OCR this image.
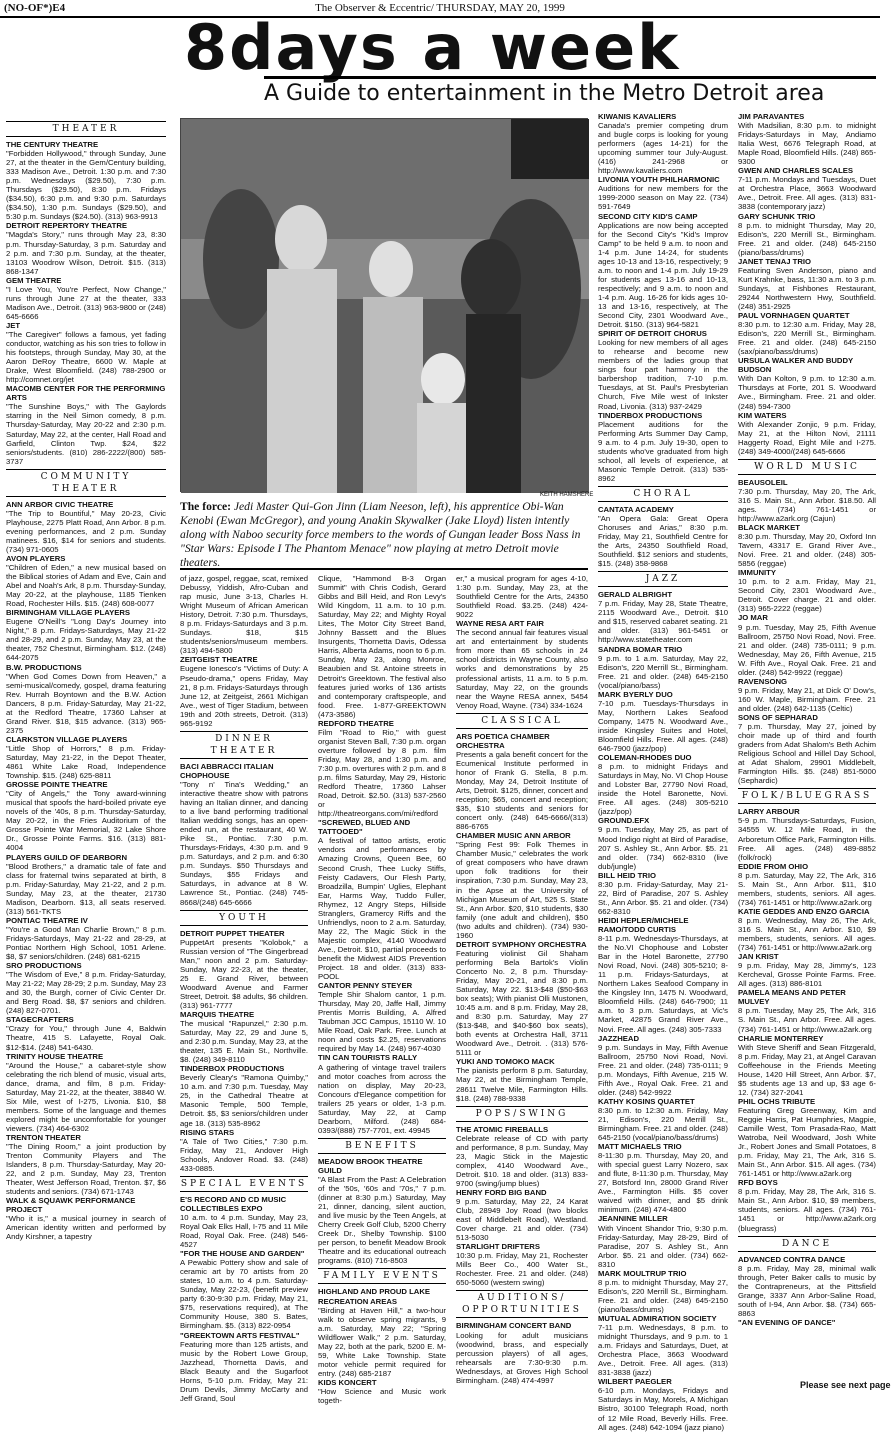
(NO-OF*)E4	The Observer & Eccentric/ THURSDAY, MAY 20, 1999
8days a week
A Guide to entertainment in the Metro Detroit area
THEATER
THE CENTURY THEATRE
"Forbidden Hollywood," through Sunday, June 27, at the theater in the Gem/Century building, 333 Madison Ave., Detroit. 1:30 p.m. and 7:30 p.m. Wednesdays ($29.50), 7:30 p.m. Thursdays ($29.50), 8:30 p.m. Fridays ($34.50), 6:30 p.m. and 9:30 p.m. Saturdays ($34.50), 1:30 p.m. Sundays ($29.50), and 5:30 p.m. Sundays ($24.50). (313) 963-9913
DETROIT REPERTORY THEATRE
"Magda's Story," runs through May 23, 8:30 p.m. Thursday-Saturday, 3 p.m. Saturday and 2 p.m. and 7:30 p.m. Sunday, at the theater, 13103 Woodrow Wilson, Detroit. $15. (313) 868-1347
GEM THEATRE
"I Love You, You're Perfect, Now Change," runs through June 27 at the theater, 333 Madison Ave., Detroit. (313) 963-9800 or (248) 645-6666
JET
"The Caregiver" follows a famous, yet fading conductor, watching as his son tries to follow in his footsteps, through Sunday, May 30, at the Aaron DeRoy Theatre, 6600 W. Maple at Drake, West Bloomfield. (248) 788-2900 or http://comnet.org/jet
MACOMB CENTER FOR THE PERFORMING ARTS
"The Sunshine Boys," with The Gaylords starring in the Neil Simon comedy, 8 p.m. Thursday-Saturday, May 20-22 and 2:30 p.m. Saturday, May 22, at the center, Hall Road and Garfield, Clinton Twp. $24, $22 seniors/students. (810) 286-2222/(800) 585-3737
COMMUNITY THEATER
ANN ARBOR CIVIC THEATRE
"The Trip to Bountiful," May 20-23, Civic Playhouse, 2275 Platt Road, Ann Arbor. 8 p.m. evening performances, and 2 p.m. Sunday matinees. $16, $14 for seniors and students. (734) 971-0605
AVON PLAYERS
"Children of Eden," a new musical based on the Biblical stories of Adam and Eve, Cain and Abel and Noah's Ark, 8 p.m. Thursday-Sunday, May 20-22, at the playhouse, 1185 Tienken Road, Rochester Hills. $15. (248) 608-0077
BIRMINGHAM VILLAGE PLAYERS
Eugene O'Neill's "Long Day's Journey into Night," 8 p.m. Fridays-Saturdays, May 21-22 and 28-29, and 2 p.m. Sunday, May 23, at the theater, 752 Chestnut, Birmingham. $12. (248) 644-2075
B.W. PRODUCTIONS
"When God Comes Down from Heaven," a semi-musical/comedy, gospel, drama featuring Rev. Hurrah Boyntown and the B.W. Action Dancers, 8 p.m. Friday-Saturday, May 21-22, at the Redford Theatre, 17360 Lahser at Grand River. $18, $15 advance. (313) 965-2375
CLARKSTON VILLAGE PLAYERS
"Little Shop of Horrors," 8 p.m. Friday-Saturday, May 21-22, in the Depot Theater, 4861 White Lake Road, Independence Township. $15. (248) 625-8811
GROSSE POINTE THEATRE
"City of Angels," the Tony award-winning musical that spoofs the hard-boiled private eye novels of the '40s, 8 p.m. Thursday-Saturday, May 20-22, in the Fries Auditorium of the Grosse Pointe War Memorial, 32 Lake Shore Dr., Grosse Pointe Farms. $16. (313) 881-4004
PLAYERS GUILD OF DEARBORN
"Blood Brothers," a dramatic tale of fate and class for fraternal twins separated at birth, 8 p.m. Friday-Saturday, May 21-22, and 2 p.m. Sunday, May 23, at the theater, 21730 Madison, Dearborn. $13, all seats reserved. (313) 561-TKTS
PONTIAC THEATRE IV
"You're a Good Man Charlie Brown," 8 p.m. Fridays-Saturdays, May 21-22 and 28-29, at Pontiac Northern High School, 1051 Arlene. $8, $7 seniors/children. (248) 681-6215
SRO PRODUCTIONS
"The Wisdom of Eve," 8 p.m. Friday-Saturday, May 21-22; May 28-29; 2 p.m. Sunday, May 23 and 30, the Burgh, corner of Civic Center Dr. and Berg Road. $8, $7 seniors and children. (248) 827-0701.
STAGECRAFTERS
"Crazy for You," through June 4, Baldwin Theatre, 415 S. Lafayette, Royal Oak. $12-$14. (248) 541-6430.
TRINITY HOUSE THEATRE
"Around the House," a cabaret-style show celebrating the rich blend of music, visual arts, dance, drama, and film, 8 p.m. Friday-Saturday, May 21-22, at the theater, 38840 W. Six Mile, west of I-275, Livonia. $10, $8 members. Some of the language and themes explored might be uncomfortable for younger viewers. (734) 464-6302
TRENTON THEATER
"The Dining Room," a joint production by Trenton Community Players and The Islanders, 8 p.m. Thursday-Saturday, May 20-22, and 2 p.m. Sunday, May 23, Trenton Theater, West Jefferson Road, Trenton. $7, $6 students and seniors. (734) 671-1743
WALK & SQUAWK PERFORMANCE PROJECT
"Who it is," a musical journey in search of American identity written and performed by Andy Kirshner, a tapestry
KEITH HAMSHERE
The force: Jedi Master Qui-Gon Jinn (Liam Neeson, left), his apprentice Obi-Wan Kenobi (Ewan McGregor), and young Anakin Skywalker (Jake Lloyd) listen intently along with Naboo security force members to the words of Gungan leader Boss Nass in "Star Wars: Episode I The Phantom Menace" now playing at metro Detroit movie theaters.
of jazz, gospel, reggae, scat, remixed Debussy, Yiddish, Afro-Cuban and rap music, June 3-13, Charles H. Wright Museum of African American History, Detroit. 7:30 p.m. Thursdays, 8 p.m. Fridays-Saturdays and 3 p.m. Sundays. $18, $15 students/seniors/museum members. (313) 494-5800
ZEITGEIST THEATRE
Eugene Ionesco's "Victims of Duty: A Pseudo-drama," opens Friday, May 21, 8 p.m. Fridays-Saturdays through June 12, at Zeitgeist, 2661 Michigan Ave., west of Tiger Stadium, between 19th and 20th streets, Detroit. (313) 965-9192
DINNER THEATER
BACI ABBRACCI ITALIAN CHOPHOUSE
"Tony n' Tina's Wedding," an interactive theatre show with patrons having an Italian dinner, and dancing to a live band performing traditional Italian wedding songs, has an open-ended run, at the restaurant, 40 W. Pike St., Pontiac. 7:30 p.m. Thursdays-Fridays, 4:30 p.m. and 9 p.m. Saturdays, and 2 p.m. and 6:30 p.m. Sundays. $50 Thursdays and Sundays, $55 Fridays and Saturdays, in advance at 8 W. Lawrence St., Pontiac. (248) 745-8668/(248) 645-6666
YOUTH
DETROIT PUPPET THEATER
PuppetArt presents "Kolobok," a Russian version of "The Gingerbread Man," noon and 2 p.m. Saturday-Sunday, May 22-23, at the theater, 25 E. Grand River, between Woodward Avenue and Farmer Street, Detroit. $8 adults, $6 children. (313) 961-7777
MARQUIS THEATRE
The musical "Rapunzel," 2:30 p.m. Saturday, May 22, 29 and June 5, and 2:30 p.m. Sunday, May 23, at the theater, 135 E. Main St., Northville. $8. (248) 349-8110
TINDERBOX PRODUCTIONS
Beverly Cleary's "Ramona Quimby," 10 a.m. and 7:30 p.m. Tuesday, May 25, in the Cathedral Theatre at Masonic Temple, 500 Temple, Detroit. $5, $3 seniors/children under age 18. (313) 535-8962
RISING STARS
"A Tale of Two Cities," 7:30 p.m. Friday, May 21, Andover High Schools, Andover Road. $3. (248) 433-0885.
SPECIAL EVENTS
E'S RECORD AND CD MUSIC COLLECTIBLES EXPO
10 a.m. to 4 p.m. Sunday, May 23, Royal Oak Elks Hall, I-75 and 11 Mile Road, Royal Oak. Free. (248) 546-4527
"FOR THE HOUSE AND GARDEN"
A Pewabic Pottery show and sale of ceramic art by 70 artists from 20 states, 10 a.m. to 4 p.m. Saturday-Sunday, May 22-23, (benefit preview party 6:30-9:30 p.m. Friday, May 21, $75, reservations required), at The Community House, 380 S. Bates, Birmingham. $5. (313) 822-0954
"GREEKTOWN ARTS FESTIVAL"
Featuring more than 125 artists, and music by the Robert Lowe Group, Jazzhead, Thornetta Davis, and Black Beauty and the Sugarfoot Horns, 5-10 p.m. Friday, May 21: Drum Devils, Jimmy McCarty and Jeff Grand, Soul
Clique, "Hammond B-3 Organ Summit" with Chris Codish, Gerard Gibbs and Bill Heid, and Ron Levy's Wild Kingdom, 11 a.m. to 10 p.m. Saturday, May 22; and Mighty Royal Lites, The Motor City Street Band, Johnny Bassett and the Blues Insurgents, Thornetta Davis, Odessa Harris, Alberta Adams, noon to 6 p.m. Sunday, May 23, along Monroe, Beaubien and St. Antoine streets in Detroit's Greektown. The festival also features juried works of 136 artists and contemporary craftspeople, and food. Free. 1-877-GREEKTOWN (473-3586)
REDFORD THEATRE
Film "Road to Rio," with guest organist Steven Ball, 7:30 p.m. organ overture followed by 8 p.m. film Friday, May 28, and 1:30 p.m. and 7:30 p.m. overtures with 2 p.m. and 8 p.m. films Saturday, May 29, Historic Redford Theatre, 17360 Lahser Road, Detroit. $2.50. (313) 537-2560 or http://theatreorgans.com/mi/redford
"SCREWED, BLUED AND TATTOOED"
A festival of tattoo artists, erotic vendors and performances by Amazing Crowns, Queen Bee, 60 Second Crush, Thee Lucky Stiffs, Feisty Cadavers, Our Flesh Party, Broadzilla, Bumpin' Uglies, Elephant Ear, Harms Way, Tuddo Fuller, Rhymez, 12 Angry Steps, Hillside Stranglers, Gramercy Riffs and the Unfriendlys, noon to 2 a.m. Saturday, May 22, The Magic Stick in the Majestic complex, 4140 Woodward Ave., Detroit. $10, partial proceeds to benefit the Midwest AIDS Prevention Project. 18 and older. (313) 833-POOL
CANTOR PENNY STEYER
Temple Shir Shalom cantor, 1 p.m. Thursday, May 20, Jaffe Hall, Jimmy Prentis Morris Building, A. Alfred Taubman JCC Campus, 15110 W. 10 Mile Road, Oak Park. Free. Lunch at noon and costs $2.25, reservations required by May 14. (248) 967-4030
TIN CAN TOURISTS RALLY
A gathering of vintage travel trailers and motor coaches from across the nation on display, May 20-23, Concours d'Elegance competition for trailers 25 years or older, 1-3 p.m. Saturday, May 22, at Camp Dearborn, Milford. (248) 684-0393/(888) 757-7701, ext. 49945
BENEFITS
MEADOW BROOK THEATRE GUILD
"A Blast From the Past: A Celebration of the '50s, '60s and '70s," 7 p.m. (dinner at 8:30 p.m.) Saturday, May 21, dinner, dancing, silent auction, and live music by the Teen Angels, at Cherry Creek Golf Club, 5200 Cherry Creek Dr., Shelby Township. $100 per person, to benefit Meadow Brook Theatre and its educational outreach programs. (810) 716-8503
FAMILY EVENTS
HIGHLAND AND PROUD LAKE RECREATION AREAS
"Birding at Haven Hill," a two-hour walk to observe spring migrants, 9 a.m. Saturday, May 22; "Spring Wildflower Walk," 2 p.m. Saturday, May 22, both at the park, 5200 E. M-59, White Lake Township. State motor vehicle permit required for entry. (248) 685-2187
KIDS KONCERT
"How Science and Music work togeth-
er," a musical program for ages 4-10, 1:30 p.m. Sunday, May 23, at the Southfield Centre for the Arts, 24350 Southfield Road. $3.25. (248) 424-9022
WAYNE RESA ART FAIR
The second annual fair features visual art and entertainment by students from more than 65 schools in 24 school districts in Wayne County, also works and demonstrations by 25 professional artists, 11 a.m. to 5 p.m. Saturday, May 22, on the grounds near the Wayne RESA annex, 5454 Venoy Road, Wayne. (734) 334-1624
CLASSICAL
ARS POETICA CHAMBER ORCHESTRA
Presents a gala benefit concert for the Ecumenical Institute performed in honor of Frank G. Stella, 8 p.m. Monday, May 24, Detroit Institute of Arts, Detroit. $125, dinner, concert and reception; $65, concert and reception; $35, $10 students and seniors for concert only. (248) 645-6666/(313) 886-6765
CHAMBER MUSIC ANN ARBOR
"Spring Fest 99: Folk Themes in Chamber Music," celebrates the work of great composers who have drawn upon folk traditions for their inspiration, 7:30 p.m. Sunday, May 23, in the Apse at the University of Michigan Museum of Art, 525 S. State St., Ann Arbor. $20, $10 students, $30 family (one adult and children), $50 (two adults and children). (734) 930-1960
DETROIT SYMPHONY ORCHESTRA
Featuring violinist Gil Shaham performing Bela Bartok's Violin Concerto No. 2, 8 p.m. Thursday-Friday, May 20-21, and 8:30 p.m. Saturday, May 22. $13-$48 ($50-$63 box seats); With pianist Olli Mustonen, 10:45 a.m. and 8 p.m. Friday, May 28, and 8:30 p.m. Saturday, May 27 ($13-$48, and $40-$60 box seats), both events at Orchestra Hall, 3711 Woodward Ave., Detroit. . (313) 576-5111 or
YUKI AND TOMOKO MACK
The pianists perform 8 p.m. Saturday, May 22, at the Birmingham Temple, 28611 Twelve Mile, Farmington Hills. $18. (248) 788-9338
POPS/SWING
THE ATOMIC FIREBALLS
Celebrate release of CD with party and performance, 8 p.m. Sunday, May 23, Magic Stick in the Majestic complex, 4140 Woodward Ave., Detroit. $10. 18 and older. (313) 833-9700 (swing/jump blues)
HENRY FORD BIG BAND
9 p.m. Saturday, May 22, 24 Karat Club, 28949 Joy Road (two blocks east of Middlebelt Road), Westland. Cover charge. 21 and older. (734) 513-5030
STARLIGHT DRIFTERS
10:30 p.m. Friday, May 21, Rochester Mills Beer Co., 400 Water St., Rochester. Free. 21 and older. (248) 650-5060 (western swing)
AUDITIONS/ OPPORTUNITIES
BIRMINGHAM CONCERT BAND
Looking for adult musicians (woodwind, brass, and especially percussion players) of all ages, rehearsals are 7:30-9:30 p.m. Wednesdays, at Groves High School Birmingham. (248) 474-4997
KIWANIS KAVALIERS
Canada's premier competing drum and bugle corps is looking for young performers (ages 14-21) for the upcoming summer tour July-August. (416) 241-2968 or http://www.kavaliers.com
LIVONIA YOUTH PHILHARMONIC
Auditions for new members for the 1999-2000 season on May 22. (734) 591-7649
SECOND CITY KID'S CAMP
Applications are now being accepted for the Second City's "Kid's Improv Camp" to be held 9 a.m. to noon and 1-4 p.m. June 14-24, for students ages 10-13 and 13-16, respectively; 9 a.m. to noon and 1-4 p.m. July 19-29 for students ages 13-16 and 10-13, respectively; and 9 a.m. to noon and 1-4 p.m. Aug. 16-26 for kids ages 10-13 and 13-16, respectively, at The Second City, 2301 Woodward Ave., Detroit. $150. (313) 964-5821
SPIRIT OF DETROIT CHORUS
Looking for new members of all ages to rehearse and become new members of the ladies group that sings four part harmony in the barbershop tradition, 7-10 p.m. Tuesdays, at St. Paul's Presbyterian Church, Five Mile west of Inkster Road, Livonia. (313) 937-2429
TINDERBOX PRODUCTIONS
Placement auditions for the Performing Arts Summer Day Camp, 9 a.m. to 4 p.m. July 19-30, open to students who've graduated from high school, all levels of experience, at Masonic Temple Detroit. (313) 535-8962
CHORAL
CANTATA ACADEMY
"An Opera Gala: Great Opera Choruses and Arias," 8:30 p.m. Friday, May 21, Southfield Centre for the Arts, 24350 Southfield Road, Southfield. $12 seniors and students, $15. (248) 358-9868
JAZZ
GERALD ALBRIGHT
7 p.m. Friday, May 28, State Theatre, 2115 Woodward Ave., Detroit. $10 and $15, reserved cabaret seating. 21 and older. (313) 961-5451 or http://www.statetheater.com
SANDRA BOMAR TRIO
9 p.m. to 1 a.m. Saturday, May 22, Edison's, 220 Merrill St., Birmingham. Free. 21 and older. (248) 645-2150 (vocal/piano/bass)
MARK BYERLY DUO
7-10 p.m. Tuesdays-Thursdays in May, Northern Lakes Seafood Company, 1475 N. Woodward Ave., inside Kingsley Suites and Hotel, Bloomfield Hills. Free. All ages. (248) 646-7900 (jazz/pop)
COLEMAN-RHODES DUO
8 p.m. to midnight Fridays and Saturdays in May, No. VI Chop House and Lobster Bar, 27790 Novi Road, inside the Hotel Baronette, Novi. Free. All ages. (248) 305-5210 (jazz/pop)
GROUND.EFX
9 p.m. Tuesday, May 25, as part of Mood Indigo night at Bird of Paradise, 207 S. Ashley St., Ann Arbor. $5. 21 and older. (734) 662-8310 (live dub/jungle)
BILL HEID TRIO
8:30 p.m. Friday-Saturday, May 21-22, Bird of Paradise, 207 S. Ashley St., Ann Arbor. $5. 21 and older. (734) 662-8310
HEIDI HEPLER/MICHELE RAMO/TODD CURTIS
8-11 p.m. Wednesdays-Thursdays, at the No.VI Chophouse and Lobster Bar in the Hotel Baronette, 27790 Novi Road, Novi. (248) 305-5210; 8-11 p.m. Fridays-Saturdays, at Northern Lakes Seafood Company in the Kingsley Inn, 1475 N. Woodward, Bloomfield Hills. (248) 646-7900; 11 a.m. to 3 p.m. Saturdays, at Vic's Market, 42875 Grand River Ave., Novi. Free. All ages. (248) 305-7333
JAZZHEAD
9 p.m. Sundays in May, Fifth Avenue Ballroom, 25750 Novi Road, Novi. Free. 21 and older. (248) 735-0111; 9 p.m. Mondays, Fifth Avenue, 215 W. Fifth Ave., Royal Oak. Free. 21 and older. (248) 542-9922
KATHY KOSINS QUARTET
8:30 p.m. to 12:30 a.m. Friday, May 21, Edison's, 220 Merrill St., Birmingham. Free. 21 and older. (248) 645-2150 (vocal/piano/bass/drums)
MATT MICHAELS TRIO
8-11:30 p.m. Thursday, May 20, and with special guest Larry Nozero, sax and flute, 8-11:30 p.m. Thursday, May 27, Botsford Inn, 28000 Grand River Ave., Farmington Hills. $5 cover waived with dinner, and $5 drink minimum. (248) 474-4800
JEANNINE MILLER
With Vincent Shandor Trio, 9:30 p.m. Friday-Saturday, May 28-29, Bird of Paradise, 207 S. Ashley St., Ann Arbor. $5. 21 and older. (734) 662-8310
MARK MOULTRUP TRIO
8 p.m. to midnight Thursday, May 27, Edison's, 220 Merrill St., Birmingham. Free. 21 and older. (248) 645-2150 (piano/bass/drums)
MUTUAL ADMIRATION SOCIETY
7-11 p.m. Wednesdays, 8 p.m. to midnight Thursdays, and 9 p.m. to 1 a.m. Fridays and Saturdays, Duet, at Orchestra Place, 3663 Woodward Ave., Detroit. Free. All ages. (313) 831-3838 (jazz)
WILBERT PAEGLER
6-10 p.m. Mondays, Fridays and Saturdays in May, Morels, A Michigan Bistro, 30100 Telegraph Road, north of 12 Mile Road, Beverly Hills. Free. All ages. (248) 642-1094 (jazz piano)
JIM PARAVANTES
With Madsilian, 8:30 p.m. to midnight Fridays-Saturdays in May, Andiamo Italia West, 6676 Telegraph Road, at Maple Road, Bloomfield Hills. (248) 865-9300
GWEN AND CHARLES SCALES
7-11 p.m. Mondays and Tuesdays, Duet at Orchestra Place, 3663 Woodward Ave., Detroit. Free. All ages. (313) 831-3838 (contemporary jazz)
GARY SCHUNK TRIO
8 p.m. to midnight Thursday, May 20, Edison's, 220 Merrill St., Birmingham. Free. 21 and older. (248) 645-2150 (piano/bass/drums)
JANET TENAJ TRIO
Featuring Sven Anderson, piano and Kurt Krahnke, bass, 11:30 a.m. to 3 p.m. Sundays, at Fishbones Restaurant, 29244 Northwestern Hwy, Southfield. (248) 351-2925
PAUL VORNHAGEN QUARTET
8:30 p.m. to 12:30 a.m. Friday, May 28, Edison's, 220 Merrill St., Birmingham. Free. 21 and older. (248) 645-2150 (sax/piano/bass/drums)
URSULA WALKER AND BUDDY BUDSON
With Dan Kolton, 9 p.m. to 12:30 a.m. Thursdays at Forte, 201 S. Woodward Ave., Birmingham. Free. 21 and older. (248) 594-7300
KIM WATERS
With Alexander Zonjic, 9 p.m. Friday, May 21, at the Hilton Novi, 21111 Haggerty Road, Eight Mile and I-275. (248) 349-4000/(248) 645-6666
WORLD MUSIC
BEAUSOLEIL
7:30 p.m. Thursday, May 20, The Ark, 316 S. Main St., Ann Arbor. $18.50. All ages. (734) 761-1451 or http://www.a2ark.org (Cajun)
BLACK MARKET
8:30 p.m. Thursday, May 20, Oxford Inn Tavern, 43317 E. Grand River Ave., Novi. Free. 21 and older. (248) 305-5856 (reggae)
IMMUNITY
10 p.m. to 2 a.m. Friday, May 21, Second City, 2301 Woodward Ave., Detroit. Cover charge. 21 and older. (313) 965-2222 (reggae)
JO MAR
9 p.m. Tuesday, May 25, Fifth Avenue Ballroom, 25750 Novi Road, Novi. Free. 21 and older. (248) 735-0111; 9 p.m. Wednesday, May 26, Fifth Avenue, 215 W. Fifth Ave., Royal Oak. Free. 21 and older. (248) 542-9922 (reggae)
RAVENSONG
9 p.m. Friday, May 21, at Dick O' Dow's, 160 W. Maple, Birmingham. Free. 21 and older. (248) 642-1135 (Celtic)
SONS OF SEPHARAD
7 p.m. Thursday, May 27, joined by choir made up of third and fourth graders from Adat Shalom's Beth Achim Religious School and Hillel Day School, at Adat Shalom, 29901 Middlebelt, Farmington Hills. $5. (248) 851-5000 (Sephardic)
FOLK/BLUEGRASS
LARRY ARBOUR
5-9 p.m. Thursdays-Saturdays, Fusion, 34555 W. 12 Mile Road, in the Arboretum Office Park, Farmington Hills. Free. All ages. (248) 489-8852 (folk/rock)
EDDIE FROM OHIO
8 p.m. Saturday, May 22, The Ark, 316 S. Main St., Ann Arbor. $11, $10 members, students, seniors. All ages. (734) 761-1451 or http://www.a2ark.org
KATIE GEDDES AND ENZO GARCIA
8 p.m. Wednesday, May 26, The Ark, 316 S. Main St., Ann Arbor. $10, $9 members, students, seniors. All ages. (734) 761-1451 or http://www.a2ark.org
JAN KRIST
9 p.m. Friday, May 28, Jimmy's, 123 Kercheval, Grosse Pointe Farms. Free. All ages. (313) 886-8101
PAMELA MEANS AND PETER MULVEY
8 p.m. Tuesday, May 25, The Ark, 316 S. Main St., Ann Arbor. Free. All ages. (734) 761-1451 or http://www.a2ark.org
CHARLIE MONTERREY
With Steve Sheriff and Sean Fitzgerald, 8 p.m. Friday, May 21, at Angel Caravan Coffeehouse in the Friends Meeting House, 1420 Hill Street, Ann Arbor. $7, $5 students age 13 and up, $3 age 6-12. (734) 327-2041
PHIL OCHS TRIBUTE
Featuring Greg Greenway, Kim and Reggie Harris, Pat Humphries, Magpie, Camille West, Tom Prasada-Rao, Matt Watroba, Neil Woodward, Josh White Jr., Robert Jones and Small Potatoes, 8 p.m. Friday, May 21, The Ark, 316 S. Main St., Ann Arbor. $15. All ages. (734) 761-1451 or http://www.a2ark.org
RFD BOYS
8 p.m. Friday, May 28, The Ark, 316 S. Main St., Ann Arbor. $10, $9 members, students, seniors. All ages. (734) 761-1451 or http://www.a2ark.org (bluegrass)
DANCE
ADVANCED CONTRA DANCE
8 p.m. Friday, May 28, minimal walk through, Peter Baker calls to music by the Contrapreneurs, at the Pittsfield Grange, 3337 Ann Arbor-Saline Road, south of I-94, Ann Arbor. $8. (734) 665-8863
"AN EVENING OF DANCE"
Please see next page
